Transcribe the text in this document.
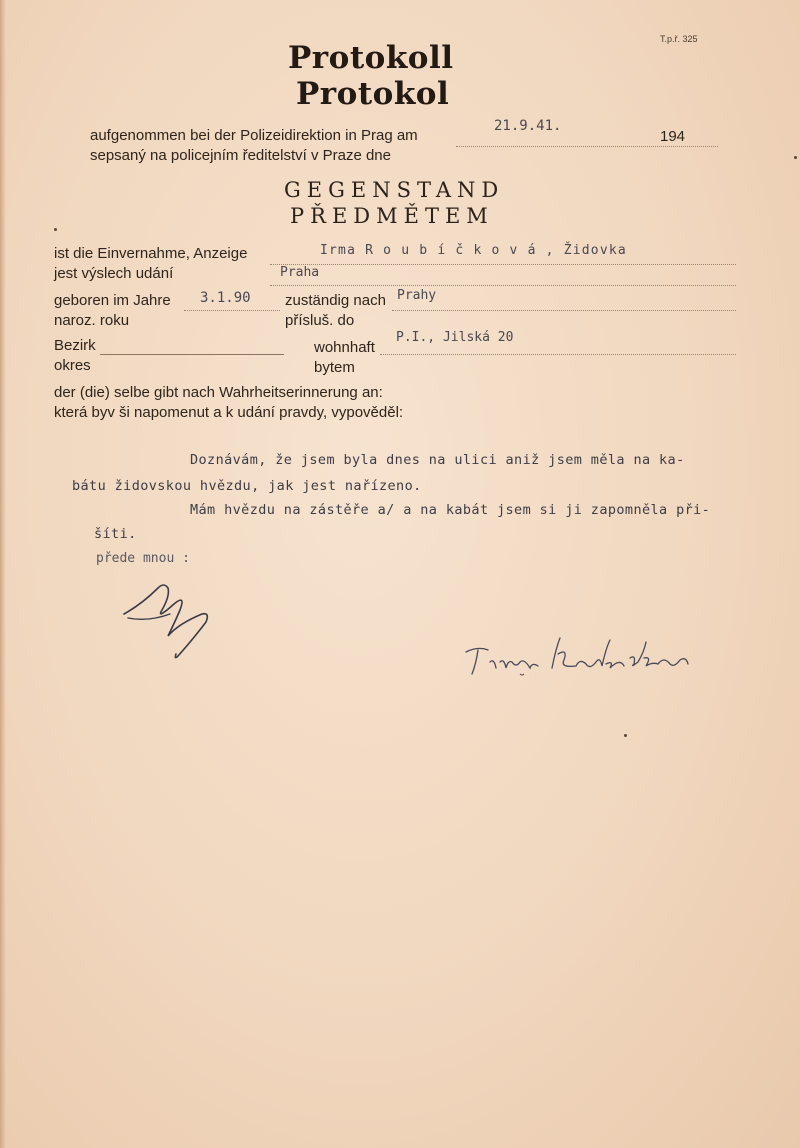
T.p.ř. 325
Protokoll
Protokol
aufgenommen bei der Polizeidirektion in Prag am
sepsaný na policejním ředitelství v Praze dne
21.9.41.
194
GEGENSTAND
PŘEDMĚTEM
ist die Einvernahme, Anzeige
jest výslech udání
Irma R o u b í č k o v á , Židovka
Praha
geboren im Jahre
naroz. roku
3.1.90 zuständig nach
přísluš. do
Prahy
Bezirk
okres
wohnhaft
bytem
P.I., Jilská 20
der (die) selbe gibt nach Wahrheitserinnerung an:
která byv ši napomenut a k udání pravdy, vypověděl:
Doznávám, že jsem byla dnes na ulici aniž jsem měla na ka-
bátu židovskou hvězdu, jak jest nařízeno.
Mám hvězdu na zástěře a/ a na kabát jsem si ji zapomněla při-
šíti.
přede mnou :
